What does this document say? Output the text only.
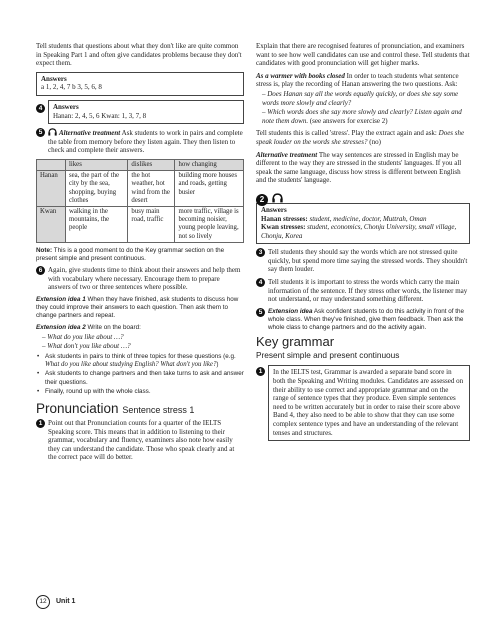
Tell students that questions about what they don't like are quite common in Speaking Part 1 and often give candidates problems because they don't expect them.

Answers
a 1, 2, 4, 7 b 3, 5, 6, 8
4	Answers
Hanan: 2, 4, 5, 6 Kwan: 1, 3, 7, 8
5	Alternative treatment Ask students to work in pairs and complete the table from memory before they listen again. They then listen to check and complete their answers.
	likes	dislikes	how changing
Hanan	sea, the part of the city by the sea, shopping, buying clothes	the hot weather, hot wind from the desert	building more houses and roads, getting busier
Kwan	walking in the mountains, the people	busy main road, traffic	more traffic, village is becoming noisier, young people leaving, not so lively

Note: This is a good moment to do the Key grammar section on the present simple and present continuous.

6 Again, give students time to think about their answers and help them with vocabulary where necessary. Encourage them to prepare answers of two or three sentences where possible.

Extension idea 1 When they have finished, ask students to discuss how they could improve their answers to each question. Then ask them to change partners and repeat.

Extension idea 2 Write on the board:

– What do you like about …?

– What don't you like about …?

• Ask students in pairs to think of three topics for these questions (e.g. What do you like about studying English? What don't you like?)

• Ask students to change partners and then take turns to ask and answer their questions.

• Finally, round up with the whole class.

Pronunciation Sentence stress 1
1 Point out that Pronunciation counts for a quarter of the IELTS Speaking score. This means that in addition to listening to their grammar, vocabulary and fluency, examiners also note how easily they can understand the candidate. Those who speak clearly and at the correct pace will do better.

Explain that there are recognised features of pronunciation, and examiners want to see how well candidates can use and control these. Tell students that candidates with good pronunciation will get higher marks.

As a warmer with books closed In order to teach students what sentence stress is, play the recording of Hanan answering the two questions. Ask:

– Does Hanan say all the words equally quickly, or does she say some words more slowly and clearly?

– Which words does she say more slowly and clearly? Listen again and note them down. (see answers for exercise 2)

Tell students this is called 'stress'. Play the extract again and ask: Does she speak louder on the words she stresses? (no)

Alternative treatment The way sentences are stressed in English may be different to the way they are stressed in the students' languages. If you all speak the same language, discuss how stress is different between English and the students' language.

2
Answers
Hanan stresses: student, medicine, doctor, Muttrah, Oman
Kwan stresses: student, economics, Chonju University, small village, Chonju, Korea
3 Tell students they should say the words which are not stressed quite quickly, but spend more time saying the stressed words. They shouldn't say them louder.
4 Tell students it is important to stress the words which carry the main information of the sentence. If they stress other words, the listener may not understand, or may understand something different.
5 Extension idea Ask confident students to do this activity in front of the whole class. When they've finished, give them feedback. Then ask the whole class to change partners and do the activity again.
Key grammar
Present simple and present continuous
1	In the IELTS test, Grammar is awarded a separate band score in both the Speaking and Writing modules. Candidates are assessed on their ability to use correct and appropriate grammar and on the range of sentence types that they produce. Even simple sentences need to be written accurately but in order to raise their score above Band 4, they also need to be able to show that they can use some complex sentence types and have an understanding of the relevant tenses and structures.
12 Unit 1
